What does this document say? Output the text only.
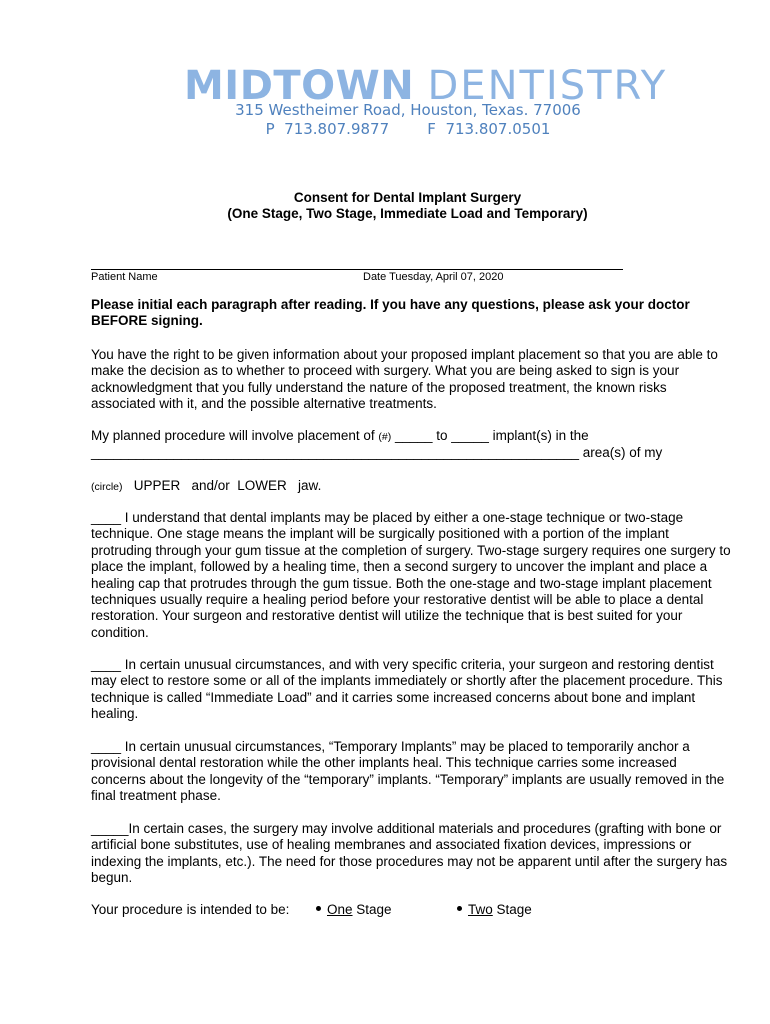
MIDTOWN DENTISTRY
315 Westheimer Road, Houston, Texas. 77006
P  713.807.9877	F  713.807.0501
Consent for Dental Implant Surgery
(One Stage, Two Stage, Immediate Load and Temporary)
Patient Name	Date Tuesday, April 07, 2020
Please initial each paragraph after reading. If you have any questions, please ask your doctor BEFORE signing.
You have the right to be given information about your proposed implant placement so that you are able to make the decision as to whether to proceed with surgery. What you are being asked to sign is your acknowledgment that you fully understand the nature of the proposed treatment, the known risks associated with it, and the possible alternative treatments.
My planned procedure will involve placement of (#) _____ to _____ implant(s) in the
_________________________________________________________________ area(s) of my
(circle)   UPPER   and/or  LOWER   jaw.
____ I understand that dental implants may be placed by either a one-stage technique or two-stage technique. One stage means the implant will be surgically positioned with a portion of the implant protruding through your gum tissue at the completion of surgery. Two-stage surgery requires one surgery to place the implant, followed by a healing time, then a second surgery to uncover the implant and place a healing cap that protrudes through the gum tissue. Both the one-stage and two-stage implant placement techniques usually require a healing period before your restorative dentist will be able to place a dental restoration. Your surgeon and restorative dentist will utilize the technique that is best suited for your condition.
____ In certain unusual circumstances, and with very specific criteria, your surgeon and restoring dentist may elect to restore some or all of the implants immediately or shortly after the placement procedure. This technique is called “Immediate Load” and it carries some increased concerns about bone and implant healing.
____ In certain unusual circumstances, “Temporary Implants” may be placed to temporarily anchor a provisional dental restoration while the other implants heal. This technique carries some increased concerns about the longevity of the “temporary” implants. “Temporary” implants are usually removed in the final treatment phase.
_____In certain cases, the surgery may involve additional materials and procedures (grafting with bone or artificial bone substitutes, use of healing membranes and associated fixation devices, impressions or indexing the implants, etc.). The need for those procedures may not be apparent until after the surgery has begun.
Your procedure is intended to be:	One Stage	Two Stage
